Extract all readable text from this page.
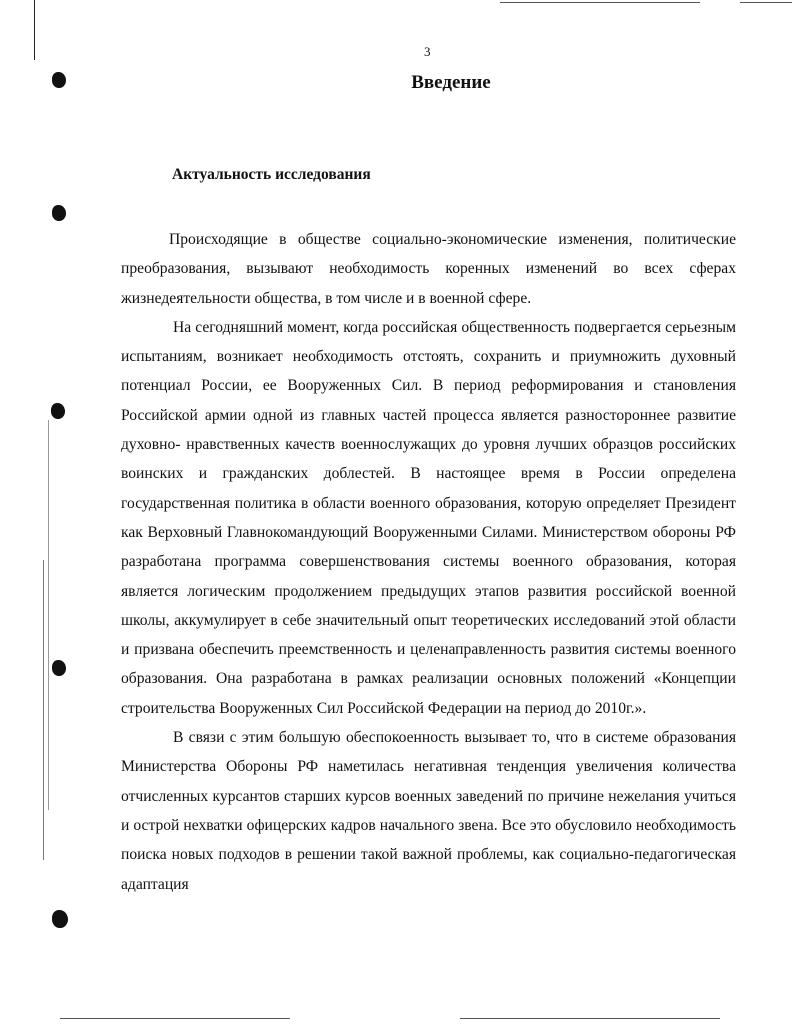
3
Введение
Актуальность исследования

Происходящие в обществе социально-экономические изменения, политические преобразования, вызывают необходимость коренных изменений во всех сферах жизнедеятельности общества, в том числе и в военной сфере.

На сегодняшний момент, когда российская общественность подвергается серьезным испытаниям, возникает необходимость отстоять, сохранить и приумножить духовный потенциал России, ее Вооруженных Сил. В период реформирования и становления Российской армии одной из главных частей процесса является разностороннее развитие духовно- нравственных качеств военнослужащих до уровня лучших образцов российских воинских и гражданских доблестей. В настоящее время в России определена государственная политика в области военного образования, которую определяет Президент как Верховный Главнокомандующий Вооруженными Силами. Министерством обороны РФ разработана программа совершенствования системы военного образования, которая является логическим продолжением предыдущих этапов развития российской военной школы, аккумулирует в себе значительный опыт теоретических исследований этой области и призвана обеспечить преемственность и целенаправленность развития системы военного образования. Она разработана в рамках реализации основных положений «Концепции строительства Вооруженных Сил Российской Федерации на период до 2010г.».

В связи с этим большую обеспокоенность вызывает то, что в системе образования Министерства Обороны РФ наметилась негативная тенденция увеличения количества отчисленных курсантов старших курсов военных заведений по причине нежелания учиться и острой нехватки офицерских кадров начального звена. Все это обусловило необходимость поиска новых подходов в решении такой важной проблемы, как социально-педагогическая адаптация
